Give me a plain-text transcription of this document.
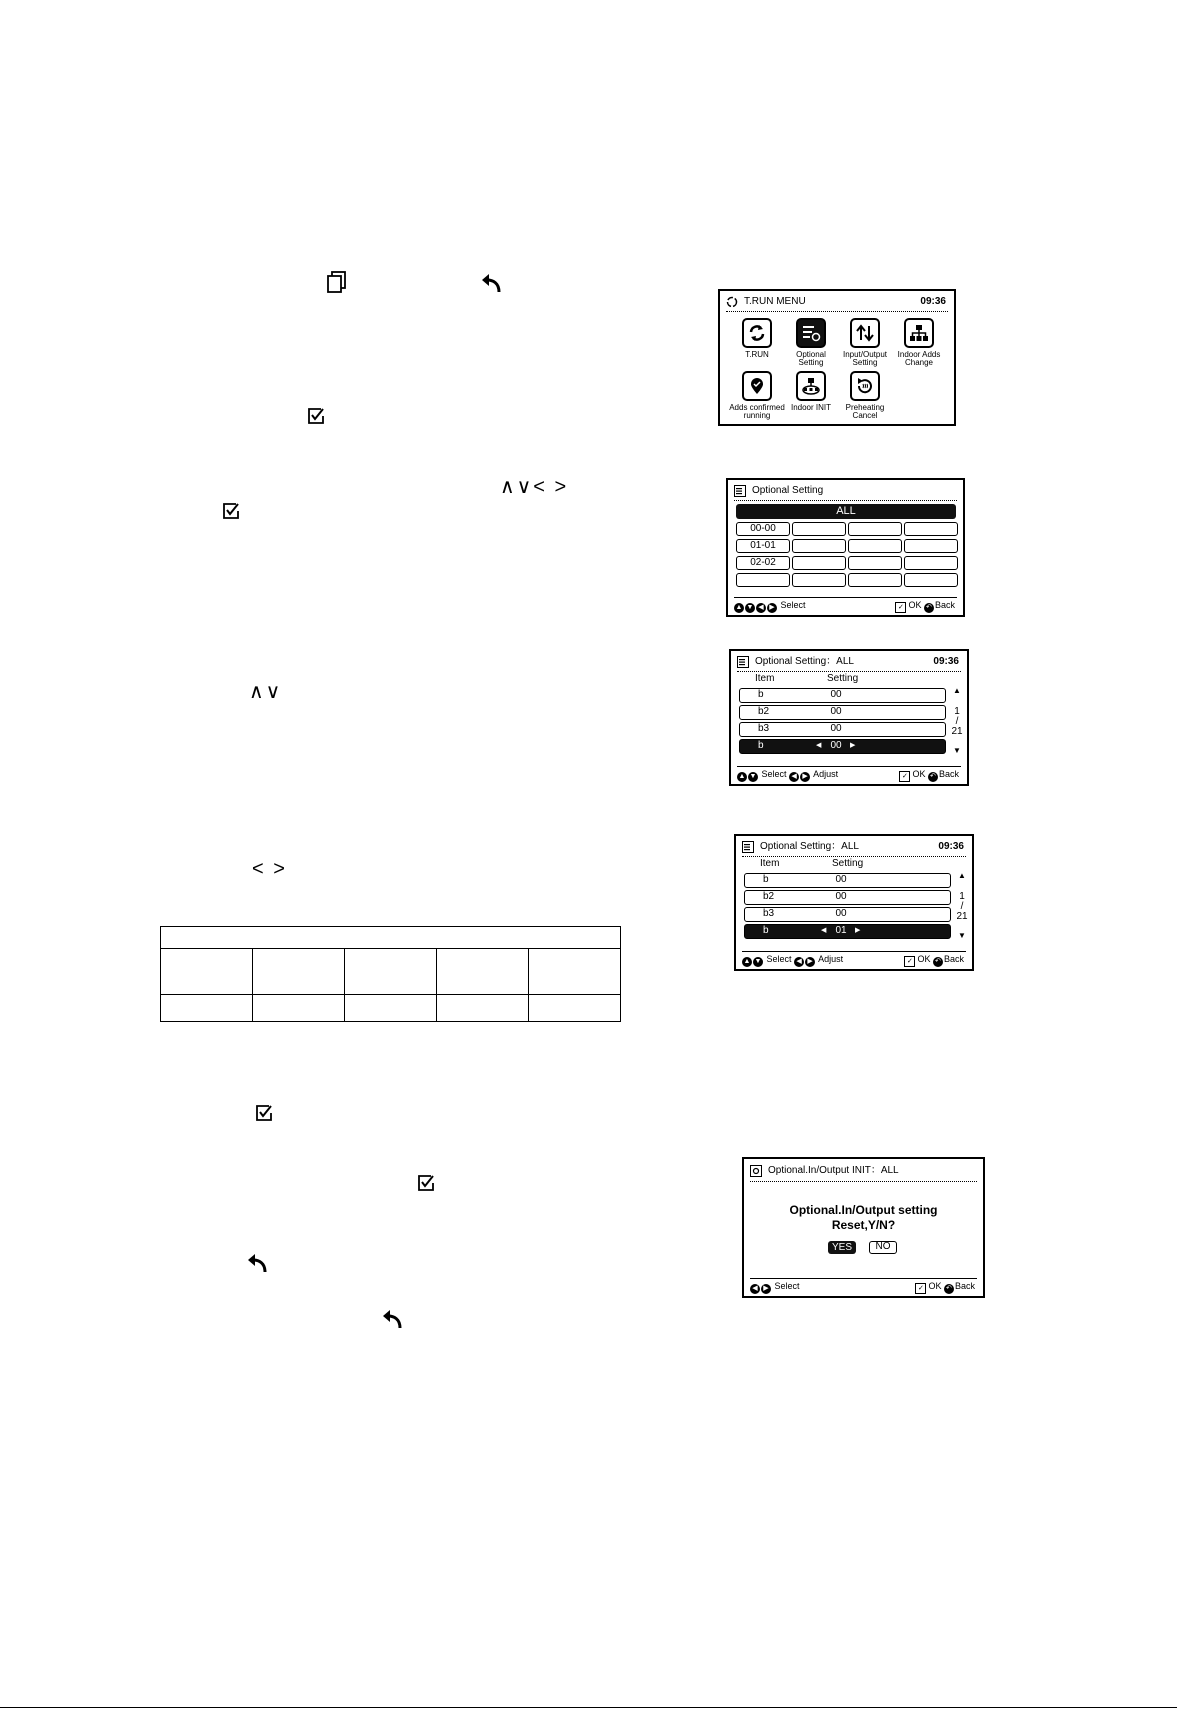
∧∨< >
∧∨
< >

T.RUN MENU	09:36
T.RUN	Optional Setting
Input/Output Setting
Indoor Adds Change
Adds confirmed running
Indoor INIT	Preheating Cancel
Optional Setting
ALL
00-00
01-01
02-02
▲ ▼ ◀ ▶ Select	✓ OK ↶ Back
Optional Setting：ALL	09:36
Item	Setting
b	00
b2	00
b3	00
b	◀ 00	▶
▲
1
/
21
▼
▲ ▼ Select ◀ ▶ Adjust	✓ OK ↶ Back
Optional Setting：ALL	09:36
Item	Setting
b	00
b2	00
b3	00
b	◀ 01	▶
▲
1
/
21
▼
▲ ▼ Select ◀ ▶ Adjust	✓ OK ↶ Back
Optional.In/Output INIT：ALL
Optional.In/Output setting
Reset,Y/N?
YES	NO
◀ ▶ Select	✓ OK ↶ Back
